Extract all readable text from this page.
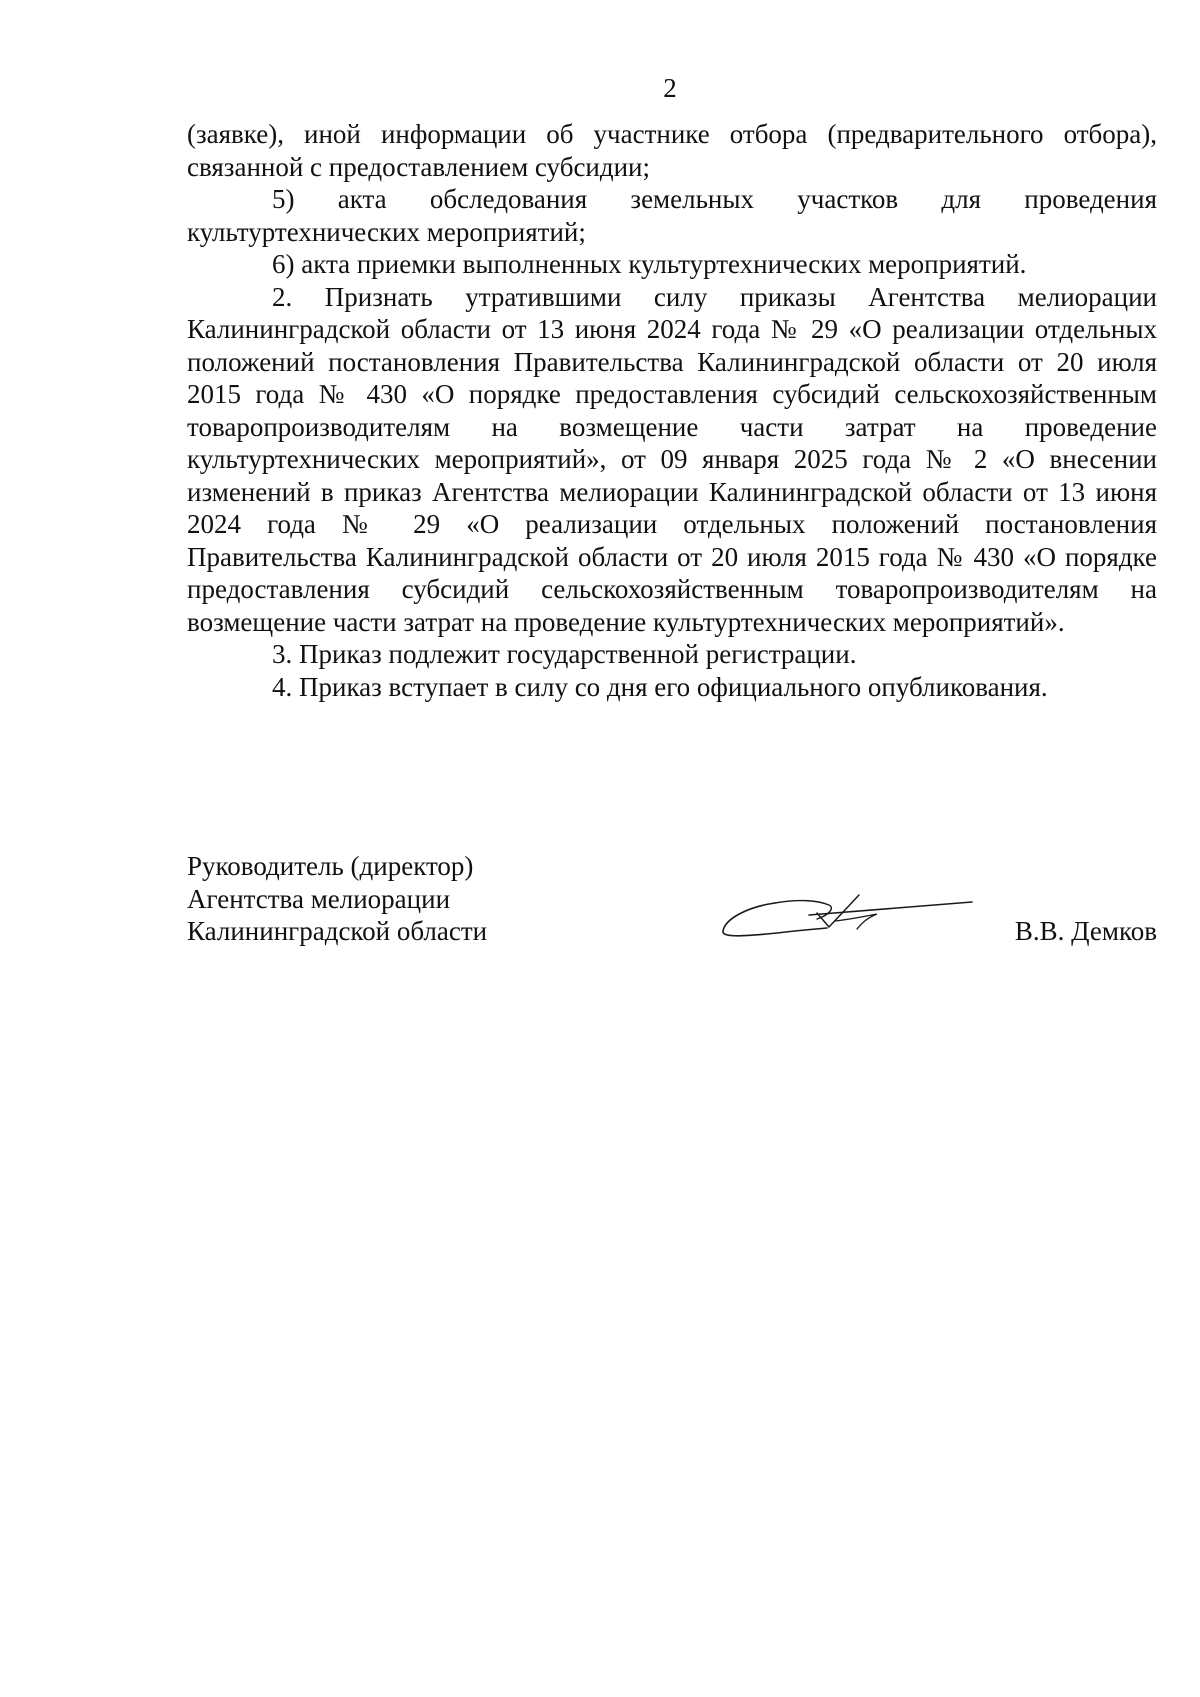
2

(заявке), иной информации об участнике отбора (предварительного отбора), связанной с предоставлением субсидии;

5) акта обследования земельных участков для проведения культуртехнических мероприятий;

6) акта приемки выполненных культуртехнических мероприятий.

2. Признать утратившими силу приказы Агентства мелиорации Калининградской области от 13 июня 2024 года № 29 «О реализации отдельных положений постановления Правительства Калининградской области от 20 июля 2015 года № 430 «О порядке предоставления субсидий сельскохозяйственным товаропроизводителям на возмещение части затрат на проведение культуртехнических мероприятий», от 09 января 2025 года № 2 «О внесении изменений в приказ Агентства мелиорации Калининградской области от 13 июня 2024 года № 29 «О реализации отдельных положений постановления Правительства Калининградской области от 20 июля 2015 года № 430 «О порядке предоставления субсидий сельскохозяйственным товаропроизводителям на возмещение части затрат на проведение культуртехнических мероприятий».

3. Приказ подлежит государственной регистрации.

4. Приказ вступает в силу со дня его официального опубликования.

Руководитель (директор)
Агентства мелиорации
Калининградской области	В.В. Демков
